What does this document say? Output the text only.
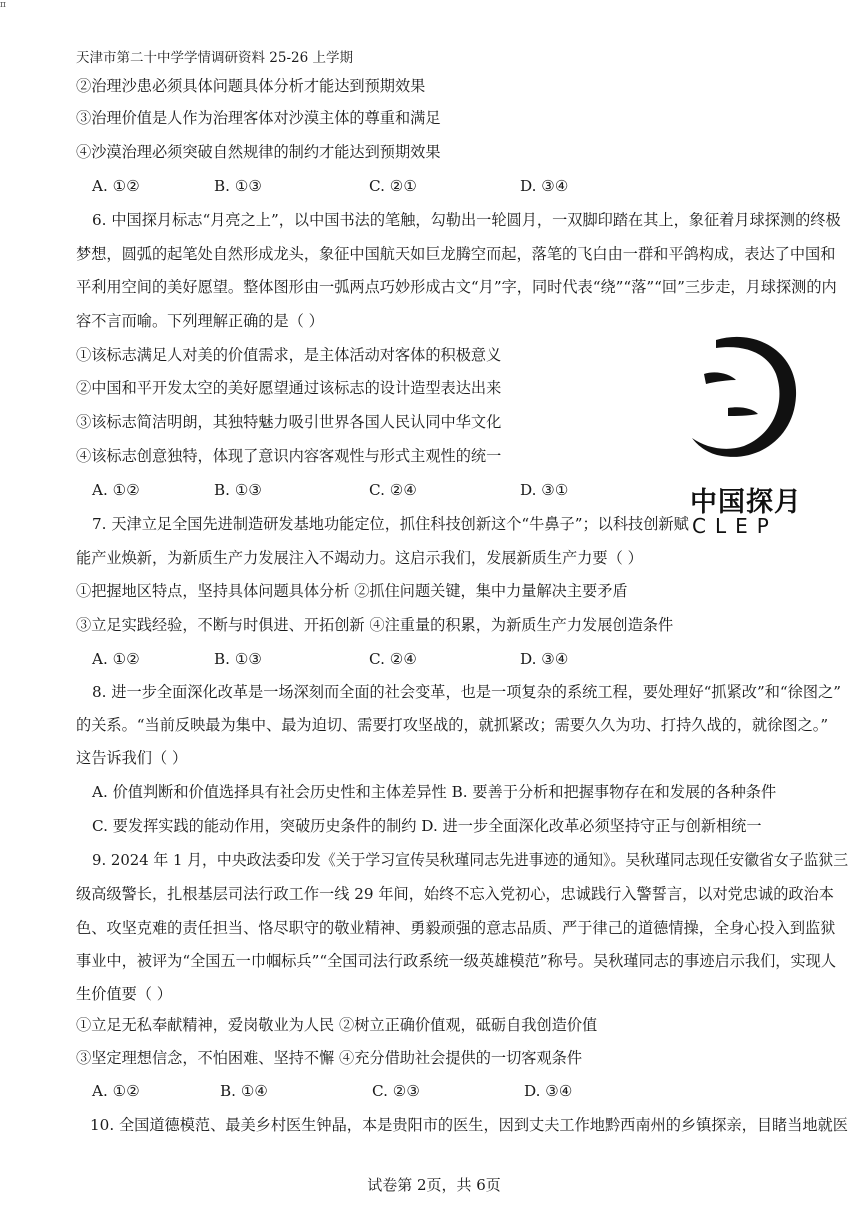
π
天津市第二十中学学情调研资料 25-26 上学期
②治理沙患必须具体问题具体分析才能达到预期效果
③治理价值是人作为治理客体对沙漠主体的尊重和满足
④沙漠治理必须突破自然规律的制约才能达到预期效果
A. ①②	B. ①③	C. ②①	D. ③④
6. 中国探月标志“月亮之上”，以中国书法的笔触，勾勒出一轮圆月，一双脚印踏在其上，象征着月球探测的终极
梦想，圆弧的起笔处自然形成龙头，象征中国航天如巨龙腾空而起，落笔的飞白由一群和平鸽构成，表达了中国和
平利用空间的美好愿望。整体图形由一弧两点巧妙形成古文“月”字，同时代表“绕”“落”“回”三步走，月球探测的内
容不言而喻。下列理解正确的是（ ）
①该标志满足人对美的价值需求，是主体活动对客体的积极意义
②中国和平开发太空的美好愿望通过该标志的设计造型表达出来
③该标志简洁明朗，其独特魅力吸引世界各国人民认同中华文化
④该标志创意独特，体现了意识内容客观性与形式主观性的统一
A. ①②	B. ①③	C. ②④	D. ③①	中国探月
CLEP
7. 天津立足全国先进制造研发基地功能定位，抓住科技创新这个“牛鼻子”；以科技创新赋
能产业焕新，为新质生产力发展注入不竭动力。这启示我们，发展新质生产力要（ ）
①把握地区特点，坚持具体问题具体分析 ②抓住问题关键，集中力量解决主要矛盾
③立足实践经验，不断与时俱进、开拓创新 ④注重量的积累，为新质生产力发展创造条件
A. ①②	B. ①③	C. ②④	D. ③④
8. 进一步全面深化改革是一场深刻而全面的社会变革，也是一项复杂的系统工程，要处理好“抓紧改”和“徐图之”
的关系。“当前反映最为集中、最为迫切、需要打攻坚战的，就抓紧改；需要久久为功、打持久战的，就徐图之。”
这告诉我们（ ）
A. 价值判断和价值选择具有社会历史性和主体差异性 B. 要善于分析和把握事物存在和发展的各种条件
C. 要发挥实践的能动作用，突破历史条件的制约 D. 进一步全面深化改革必须坚持守正与创新相统一
9. 2024 年 1 月，中央政法委印发《关于学习宣传吴秋瑾同志先进事迹的通知》。吴秋瑾同志现任安徽省女子监狱三
级高级警长，扎根基层司法行政工作一线 29 年间，始终不忘入党初心，忠诚践行入警誓言，以对党忠诚的政治本
色、攻坚克难的责任担当、恪尽职守的敬业精神、勇毅顽强的意志品质、严于律己的道德情操，全身心投入到监狱
事业中，被评为“全国五一巾帼标兵”“全国司法行政系统一级英雄模范”称号。吴秋瑾同志的事迹启示我们，实现人
生价值要（ ）
①立足无私奉献精神，爱岗敬业为人民 ②树立正确价值观，砥砺自我创造价值
③坚定理想信念，不怕困难、坚持不懈 ④充分借助社会提供的一切客观条件
A. ①②	B. ①④	C. ②③	D. ③④
10. 全国道德模范、最美乡村医生钟晶，本是贵阳市的医生，因到丈夫工作地黔西南州的乡镇探亲，目睹当地就医
试卷第 2页，共 6页
